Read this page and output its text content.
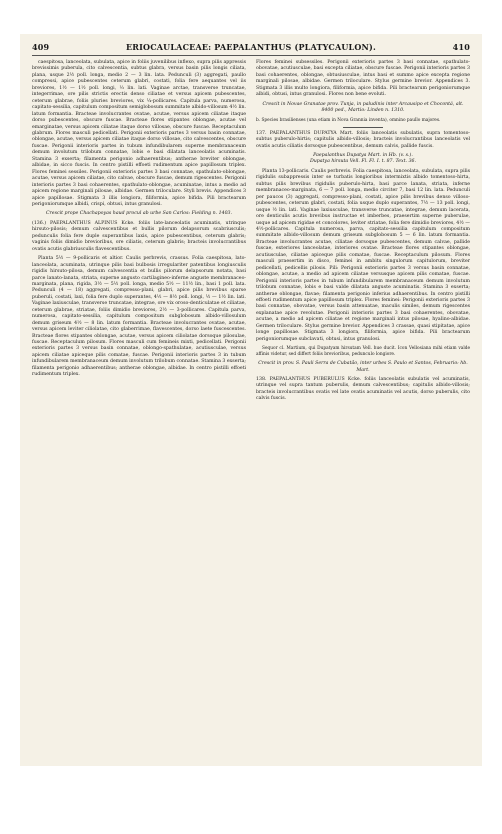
409	ERIOCAULACEAE: PAEPALANTHUS (PLATYCAULON).	410

caespitosa, lanceolata, subulata, apice in foliis juvenilibus inflexo, supra pilis appressis brevissimis puberula, cito calvescentia, subtus glabra, versus basin pilis longis ciliata, plana, usque 2½ poll. longa, medio 2 — 3 lin. lata. Pedunculi (3) aggregati, paullo compressi, apice pubescentes ceterum glabri, costati, folia fere aequantes vel iis breviores, 1½ — 1½ poll. longi, ⅓ lin. lati. Vaginae arctae, transverse truncatae, integerrimae, ore pilis strictis erectis denso ciliatae et versus apicem pubescentes, ceterum glabrae, foliis pluries breviores, vix ¼-pollicares. Capitula parva, numerosa, capitato-sessilia, capitulum compositum semiglobosum summitate albido-villosum 4½ lin. latum formantia. Bracteae involucrantes ovatae, acutae, versus apicem ciliatae itaque dorso pubescentes, obscure fuscae. Bracteae flores stipantes oblongae, acutae vel emarginatae, versus apicem ciliatae itaque dorso villosae, obscure fuscae. Receptaculum glabrum. Flores masculi pedicellati. Perigonii exterioris partes 3 versus basin connatae, oblongae, acutae, versus apicem ciliatae itaque dorso villosae, cito calvescentes, obscure fuscae. Perigonii interioris partes in tubum infundibularem superne membranaceum demum involutum trilobum connatae, lobis e basi dilatata lanceolatis acuminatis. Stamina 3 exserta; filamenta perigonio adhaerentibus; antherae breviter oblongae, albidae, in sicco fuscis. In centro pistilli effoeti rudimentum apice papillosum triplex. Flores feminei sessiles. Perigonii exterioris partes 3 basi connatae, spathulato-oblongae, acutae, versus apicem ciliatae, cito calvae, obscure fuscae, demum rigescentes. Perigonii interioris partes 3 basi cohaerentes, spathulato-oblongae, acuminatae, intus a medio ad apicem regione marginali pilosae, albidae. Germen triloculare. Styli brevis. Appendices 3 apice papillosae. Stigmata 3 illis longiora, filiformia, apice bifida. Pili bractearum perigoniorumque albidi, crispi, obtusi, intus granulosi.

Crescit prope Chachapoyas haud procul ab urbe San Carlos: Fielding n. 1403.

(136.) PAEPALANTHUS ALPINUS Kcke. foliis late-lanceolatis acuminatis, utrinque hirsuto-pilosis; demum calvescentibus et bullis pilorum delapsorum scabriusculis; pedunculis folia fere duple superantibus laxis, apice pubescentibus, ceterum glabris; vaginis foliis dimidio brevioribus, ore ciliatis, ceterum glabris; bracteis involucrantibus ovatis acutis glabriusculis flavescentibus.

Planta 5½ — 9-pollicaris et altior. Caulis perbrevis, crassus. Folia caespitosa, lato-lanceolata, acuminata, utrinque pilis basi bulbosis irregulariter patentibus longiusculis rigidis hirsuto-pilosa, demum calvescentia et bullis pilorum delapsorum notata, basi parce lanato-lanata, striata, superne angusto cartilagineo-inferne anguste membranaceo-marginata, plana, rigida, 3½ — 5½ poll. longa, medio 5½ — 11½ lin., basi 1 poll. lata. Pedunculi (4 — 18) aggregati, compresso-plani, glabri, apice pilis brevibus sparse puberuli, costati, laxi, folia fere duplo superantes, 4½ — 8½ poll. longi, ½ — 1½ lin. lati. Vaginae laxiusculae, transverse truncatae, integrae, ore vix oroso-denticulatae et ciliatae, ceterum glabrae, striatae, foliis dimidio breviores, 2½ — 3-pollicares. Capitula parva, numerosa, capitato-sessilia, capitulum compositum subglobosum albido-villosulum demum griseum 4½ — 8 lin. latum formantia. Bracteae involucrantes ovatae, acutae, versus apicem leviter ciliolatae, cito glaberrimae, flavescentes, dorso laete fuscescentes. Bracteae flores stipantes oblongae, acutae, versus apicem ciliolatae dorsoque pilosulae, fuscae. Receptaculum pilosum. Flores masculi cum femineis mixti, pedicellati. Perigonii exterioris partes 3 versus basin connatae, oblongo-spathulatae, acutiusculae, versus apicem ciliatae apiceque pilis comatae, fuscae. Perigonii interioris partes 3 in tubum infundibularem membranaceum demum involutum trilobum connatae. Stamina 3 exserta; filamenta perigonio adhaerentibus; antherae oblongae, albidae. In centro pistilli effoeti rudimentum triplex.

Flores feminei subsessiles. Perigonii exterioris partes 3 basi connatae, spathulato-obovatae, acutiusculae, basi excepta ciliatae, obscure fuscae. Perigonii interioris partes 3 basi cohaerentes, oblongae, obtusiusculae, intus basi et summo apice excepta regione marginali pilosae, albidae. Germen triloculare. Stylus germine brevior. Appendices 3. Stigmata 3 illis multo longiora, filiformia, apice bifida. Pili bractearum perigoniorumque albidi, obtusi, intus granulosi. Flores non bene evoluti.

Crescit in Novae Granatae prov. Tunja, in paludinis inter Arcausipo et Chocontá, alt. 8400 ped., Martio: Linden n. 1310.

b. Species brasilienses (una etiam in Nova Grannia inventa), omnino paullo majores.

137. PAEPALANTHUS DUPATYA Mart. foliis lanceolatis subulatis, supra tomentoso-subtus puberulo-hirtis; capitulis albido-villosis; bracteis involucrantibus lanceolatis vel ovatis acutis ciliatis dorsoque pubescentibus, demum calvis, pallide fuscis.

Paepalanthus Dupatya Mart. in Hb. (v. s.).

Dupatya hirsuta Vell. Fl. Fl. I. t. 87. Text. 36.

Planta 13-pollicaris. Caulis perbrevis. Folia caespitosa, lanceolata, subulata, supra pilis rigidulis subappressis inter se turbatis longioribus intermixtis albido tomentoso-hirta, subtus pilis brevibus rigidulis puberulo-hirta, basi parce lanata, striata, inferne membranaceo-marginata, 6 — 7 poll. longa, medio circiter 7, basi 12 lin. lata. Pedunculi per paucos (3) aggregati, compresso-plani, costati, apice pilis brevibus denso villoso-pubescentes, ceterum glabri, costati, folia usque duplo superantes, 7½ — 13 poll. longi, usque ½ lin. lati. Vaginae laxiusculae, transverse truncatae, integrae, demum lacerata, ore denticulis acutis brevibus instructae et imberbes, praesertim superne puberulae, usque ad apicem rigidae et concolores, leviter striatae, folia fere dimidio breviores, 4½ — 4½-pollicares. Capitula numerosa, parva, capitato-sessilia capitulum compositum summitate albido-villosum demum griseum subglobosum 5 — 6 lin. latum formantia. Bracteae involucrantes acutae, ciliatae dorsoque pubescentes, demum calvae, pallide fuscae, exteriores lanceolatae, interiores ovatae. Bracteae flores stipantes oblongae, acutiusculae, ciliatae apiceque pilis comatae, fuscae. Receptaculum pilosum. Flores masculi praesertim in disco, feminei in ambitu singulorum capitulorum, breviter pedicellati, pedicellis pilosis. Pili: Perigonii exterioris partes 3 versus basin connatae, oblongae, acutae, a medio ad apicem ciliatae versusque apicem pilis comatae, fuscae. Perigonii interioris partes in tubum infundibularem membranaceum demum involutum trilobum connatae, lobis e basi valde dilatata anguste acuminatis. Stamina 3 exserta; antherae oblongae, flavae; filamenta perigonio inferius adhaerentibus. In centro pistilli effoeti rudimentum apice papillosum triplex. Flores feminei: Perigonii exterioris partes 3 basi connatae, obovatae, versus basin attenuatae, maculis similes, demum rigescentes explanatae apice revolutae. Perigonii interioris partes 3 basi cohaerentes, obovatae, acutae, a medio ad apicem ciliatae et regione marginali intus pilosae, hyalino-albidae. Germen triloculare. Stylus germine brevior. Appendices 3 crassae, quasi stipitatae, apice longe papillosae. Stigmata 3 longiora, filiformia, apice bifida. Pili bractearum perigoniorumque subclavati, obtusi, intus granulosi.

Sequor cl. Martium, qui Dupatyam hirsutam Vell. hue ducit. Icon Vellosiana mihi etiam valde affinis videtur, sed differt foliis brevioribus, pedunculo longiore.

Crescit in prov. S. Pauli Serra de Cubatão, inter urbes S. Paulo et Santos, Februario: hb. Mart.

138. PAEPALANTHUS PUBERULUS Kcke. foliis lanceolatis subulatis vel acuminatis, utrinque vel supra tantum puberulis, demum calvescentibus; capitulis albido-villosis; bracteis involucrantibus ovatis vel late ovatis acuminatis vel acutis, dorso puberulis, cito calvis fuscis.
